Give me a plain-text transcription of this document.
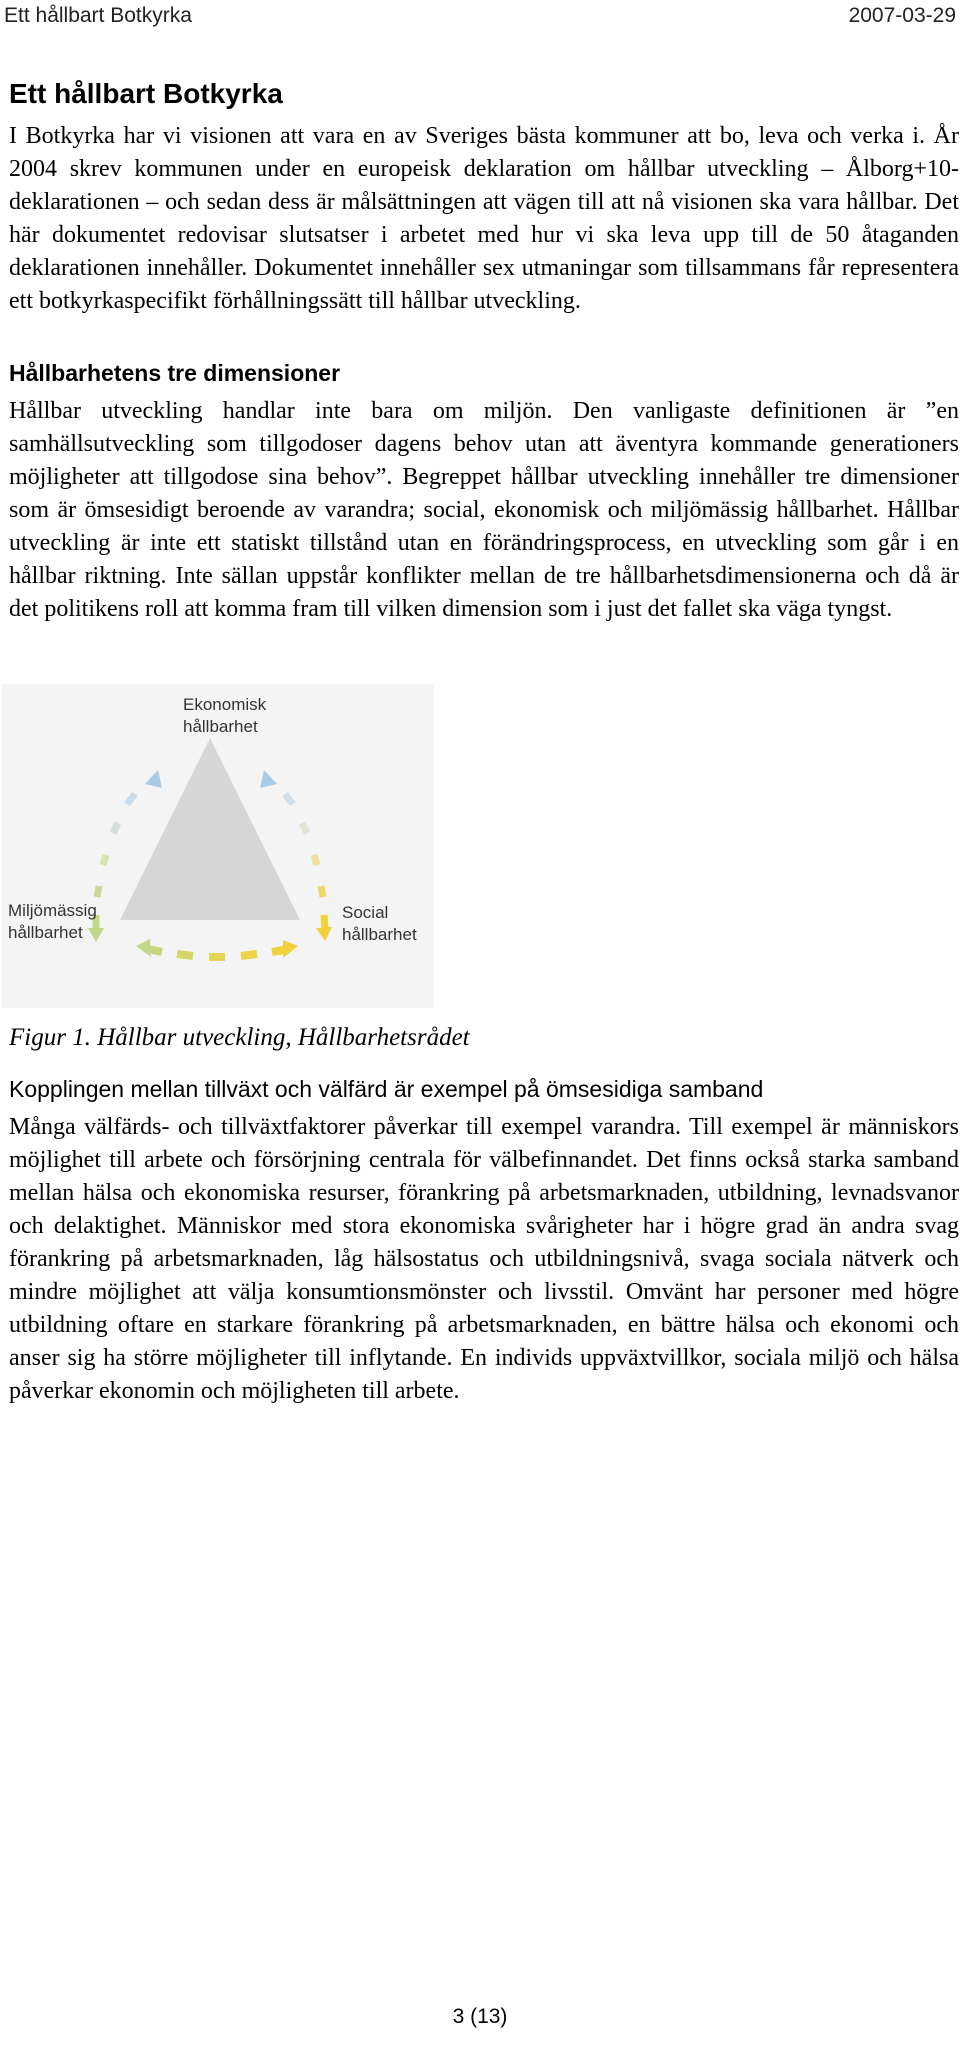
Ett hållbart Botkyrka	2007-03-29
Ett hållbart Botkyrka

I Botkyrka har vi visionen att vara en av Sveriges bästa kommuner att bo, leva och verka i. År 2004 skrev kommunen under en europeisk deklaration om hållbar utveckling – Ålborg+10-deklarationen – och sedan dess är målsättningen att vägen till att nå visionen ska vara hållbar. Det här dokumentet redovisar slutsatser i arbetet med hur vi ska leva upp till de 50 åtaganden deklarationen innehåller. Dokumentet innehåller sex utmaningar som tillsammans får representera ett botkyrkaspecifikt förhållningssätt till hållbar utveckling.

Hållbarhetens tre dimensioner

Hållbar utveckling handlar inte bara om miljön. Den vanligaste definitionen är ”en samhällsutveckling som tillgodoser dagens behov utan att äventyra kommande generationers möjligheter att tillgodose sina behov”. Begreppet hållbar utveckling innehåller tre dimensioner som är ömsesidigt beroende av varandra; social, ekonomisk och miljömässig hållbarhet. Hållbar utveckling är inte ett statiskt tillstånd utan en förändringsprocess, en utveckling som går i en hållbar riktning. Inte sällan uppstår konflikter mellan de tre hållbarhetsdimensionerna och då är det politikens roll att komma fram till vilken dimension som i just det fallet ska väga tyngst.

Ekonomisk
hållbarhet
Miljömässig
hållbarhet
Social
hållbarhet
Figur 1. Hållbar utveckling, Hållbarhetsrådet
Kopplingen mellan tillväxt och välfärd är exempel på ömsesidiga samband

Många välfärds- och tillväxtfaktorer påverkar till exempel varandra. Till exempel är människors möjlighet till arbete och försörjning centrala för välbefinnandet. Det finns också starka samband mellan hälsa och ekonomiska resurser, förankring på arbetsmarknaden, utbildning, levnadsvanor och delaktighet. Människor med stora ekonomiska svårigheter har i högre grad än andra svag förankring på arbetsmarknaden, låg hälsostatus och utbildningsnivå, svaga sociala nätverk och mindre möjlighet att välja konsumtionsmönster och livsstil. Omvänt har personer med högre utbildning oftare en starkare förankring på arbetsmarknaden, en bättre hälsa och ekonomi och anser sig ha större möjligheter till inflytande. En individs uppväxtvillkor, sociala miljö och hälsa påverkar ekonomin och möjligheten till arbete.

3 (13)
